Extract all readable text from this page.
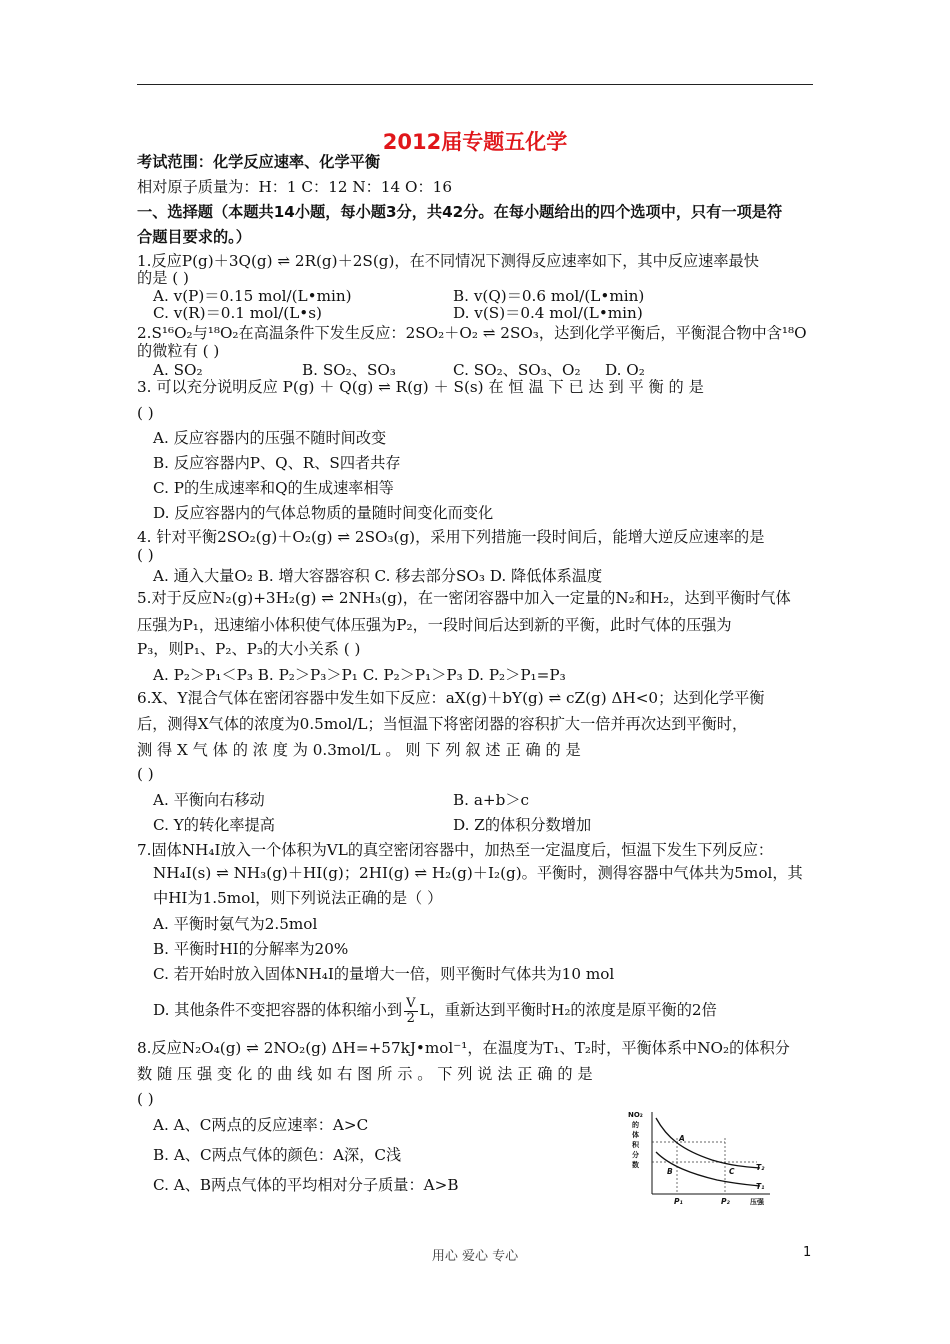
2012届专题五化学
考试范围：化学反应速率、化学平衡
相对原子质量为：H：1 C：12 N：14 O：16
一、选择题（本题共14小题，每小题3分，共42分。在每小题给出的四个选项中，只有一项是符
合题目要求的。）
1.反应P(g)＋3Q(g) ⇌ 2R(g)＋2S(g)，在不同情况下测得反应速率如下，其中反应速率最快
的是 ( )
A. v(P)＝0.15 mol/(L•min)	B. v(Q)＝0.6 mol/(L•min)
C. v(R)＝0.1 mol/(L•s)	D. v(S)＝0.4 mol/(L•min)
2.S¹⁶O₂与¹⁸O₂在高温条件下发生反应：2SO₂＋O₂ ⇌ 2SO₃，达到化学平衡后，平衡混合物中含¹⁸O
的微粒有 ( )
A. SO₂	B. SO₂、SO₃	C. SO₂、SO₃、O₂	D. O₂
3. 可以充分说明反应 P(g) ＋ Q(g) ⇌ R(g) ＋ S(s) 在 恒 温 下 已 达 到 平 衡 的 是
( )
A. 反应容器内的压强不随时间改变
B. 反应容器内P、Q、R、S四者共存
C. P的生成速率和Q的生成速率相等
D. 反应容器内的气体总物质的量随时间变化而变化
4. 针对平衡2SO₂(g)＋O₂(g) ⇌ 2SO₃(g)，采用下列措施一段时间后，能增大逆反应速率的是
( )
A. 通入大量O₂ B. 增大容器容积 C. 移去部分SO₃ D. 降低体系温度
5.对于反应N₂(g)+3H₂(g) ⇌ 2NH₃(g)，在一密闭容器中加入一定量的N₂和H₂，达到平衡时气体
压强为P₁，迅速缩小体积使气体压强为P₂，一段时间后达到新的平衡，此时气体的压强为
P₃，则P₁、P₂、P₃的大小关系 ( )
A. P₂＞P₁＜P₃ B. P₂＞P₃＞P₁ C. P₂＞P₁＞P₃ D. P₂＞P₁=P₃
6.X、Y混合气体在密闭容器中发生如下反应：aX(g)＋bY(g) ⇌ cZ(g) ΔH<0；达到化学平衡
后，测得X气体的浓度为0.5mol/L；当恒温下将密闭器的容积扩大一倍并再次达到平衡时，
测 得 X 气 体 的 浓 度 为 0.3mol/L 。 则 下 列 叙 述 正 确 的 是
( )
A. 平衡向右移动	B. a+b＞c
C. Y的转化率提高	D. Z的体积分数增加
7.固体NH₄I放入一个体积为VL的真空密闭容器中，加热至一定温度后，恒温下发生下列反应：
NH₄I(s) ⇌ NH₃(g)＋HI(g)；2HI(g) ⇌ H₂(g)＋I₂(g)。平衡时，测得容器中气体共为5mol，其
中HI为1.5mol，则下列说法正确的是（ ）
A. 平衡时氨气为2.5mol
B. 平衡时HI的分解率为20%
C. 若开始时放入固体NH₄I的量增大一倍，则平衡时气体共为10 mol
D. 其他条件不变把容器的体积缩小到 $\frac{V}{2}$ L，重新达到平衡时H₂的浓度是原平衡的2倍
8.反应N₂O₄(g) ⇌ 2NO₂(g) ΔH=+57kJ•mol⁻¹，在温度为T₁、T₂时，平衡体系中NO₂的体积分
数 随 压 强 变 化 的 曲 线 如 右 图 所 示 。 下 列 说 法 正 确 的 是
( )
A. A、C两点的反应速率：A>C
B. A、C两点气体的颜色：A深，C浅
C. A、B两点气体的平均相对分子质量：A>B
NO₂
的
体
积
分
数
A
B	C	T₂
T₁
P₁	P₂	压强
用心 爱心 专心	1
